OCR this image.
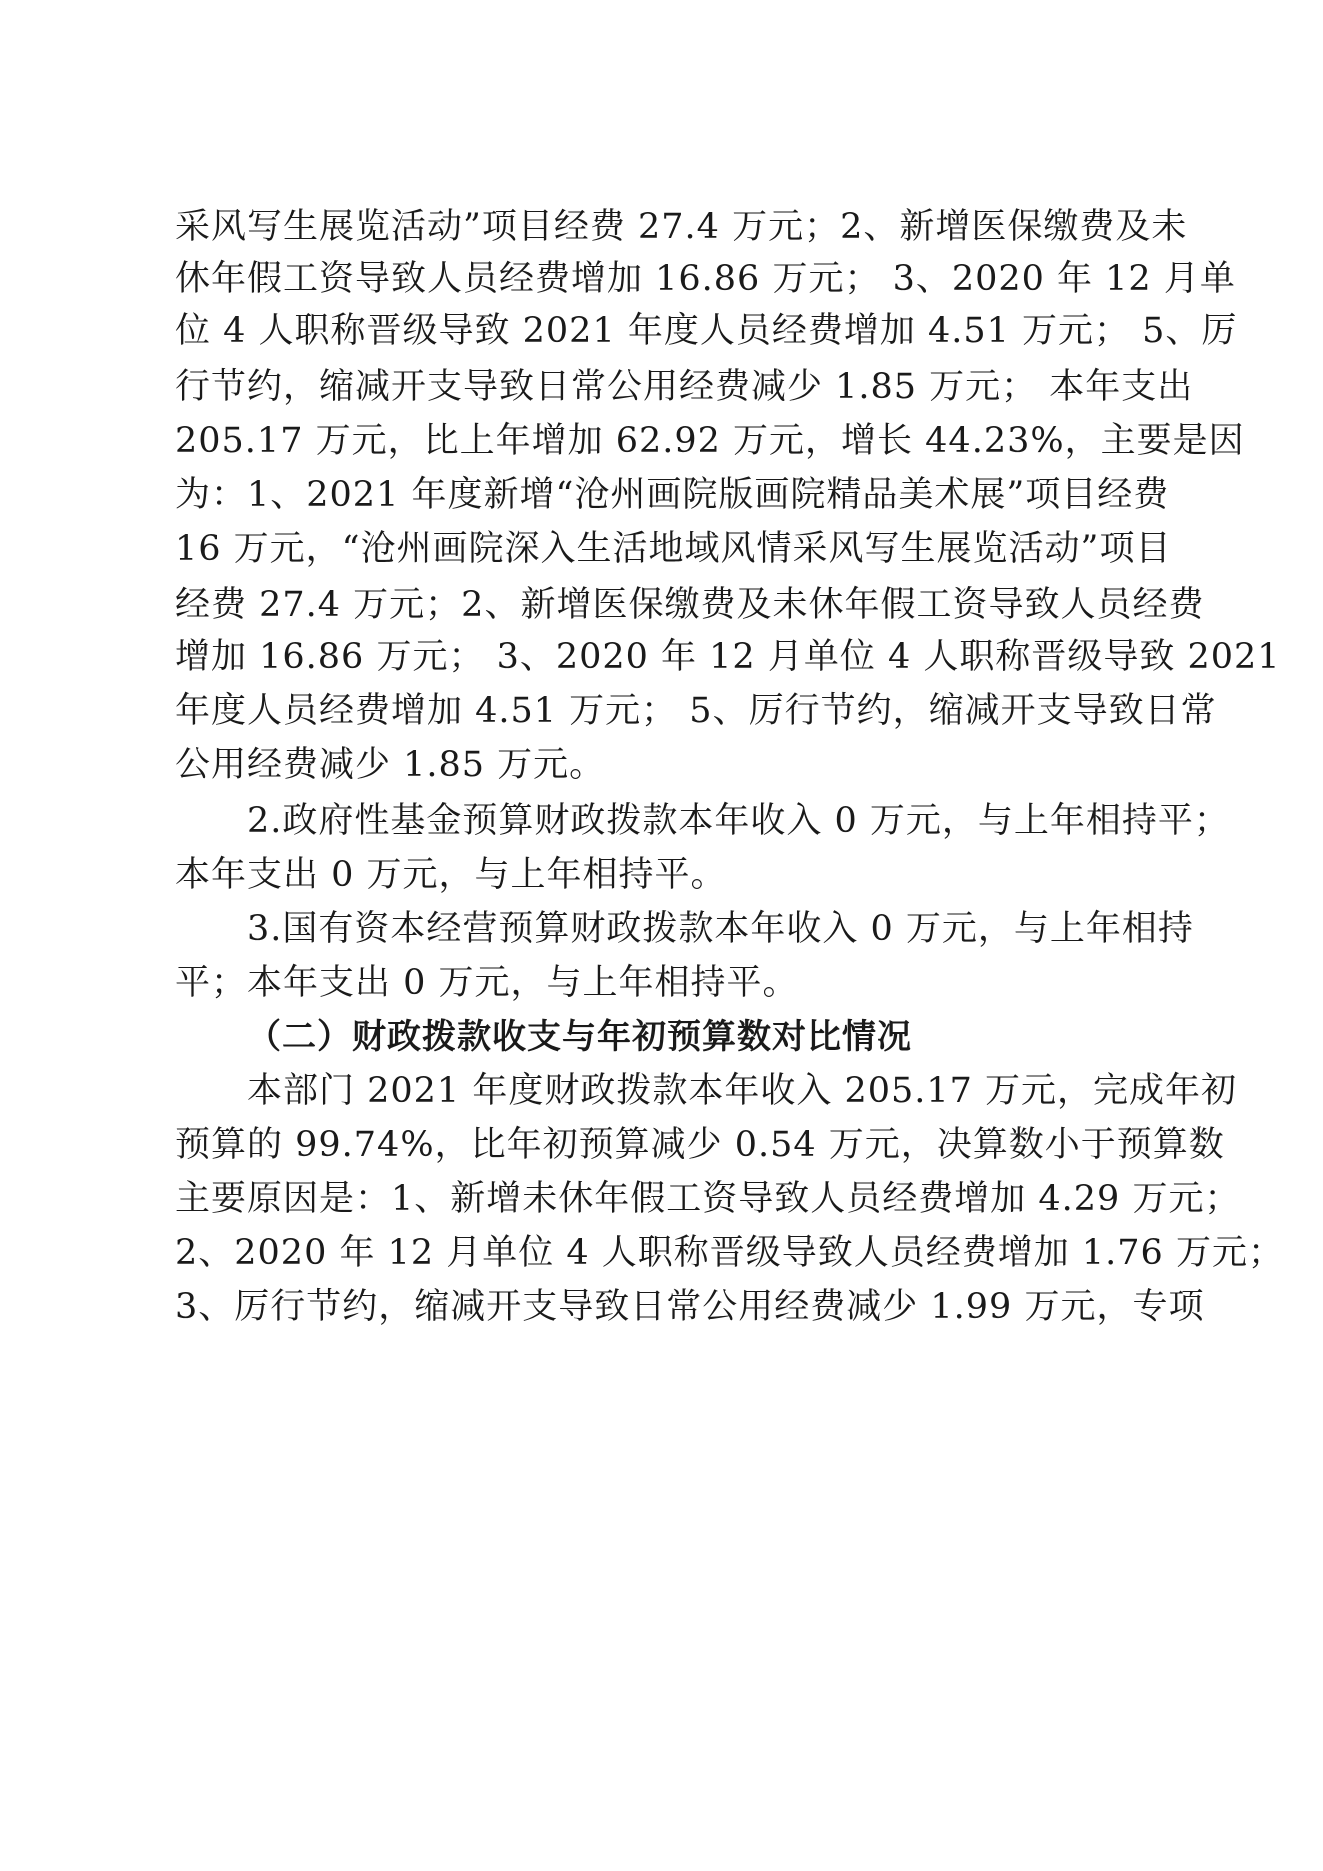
采风写生展览活动”项目经费 27.4 万元；2、新增医保缴费及未
休年假工资导致人员经费增加 16.86 万元； 3、2020 年 12 月单
位 4 人职称晋级导致 2021 年度人员经费增加 4.51 万元； 5、厉
行节约，缩减开支导致日常公用经费减少 1.85 万元； 本年支出
205.17 万元，比上年增加 62.92 万元，增长 44.23%，主要是因
为：1、2021 年度新增“沧州画院版画院精品美术展”项目经费
16 万元，“沧州画院深入生活地域风情采风写生展览活动”项目
经费 27.4 万元；2、新增医保缴费及未休年假工资导致人员经费
增加 16.86 万元； 3、2020 年 12 月单位 4 人职称晋级导致 2021
年度人员经费增加 4.51 万元； 5、厉行节约，缩减开支导致日常
公用经费减少 1.85 万元。
2.政府性基金预算财政拨款本年收入 0 万元，与上年相持平；
本年支出 0 万元，与上年相持平。
3.国有资本经营预算财政拨款本年收入 0 万元，与上年相持
平；本年支出 0 万元，与上年相持平。
（二）财政拨款收支与年初预算数对比情况
本部门 2021 年度财政拨款本年收入 205.17 万元，完成年初
预算的 99.74%，比年初预算减少 0.54 万元，决算数小于预算数
主要原因是：1、新增未休年假工资导致人员经费增加 4.29 万元；
2、2020 年 12 月单位 4 人职称晋级导致人员经费增加 1.76 万元；
3、厉行节约，缩减开支导致日常公用经费减少 1.99 万元，专项
